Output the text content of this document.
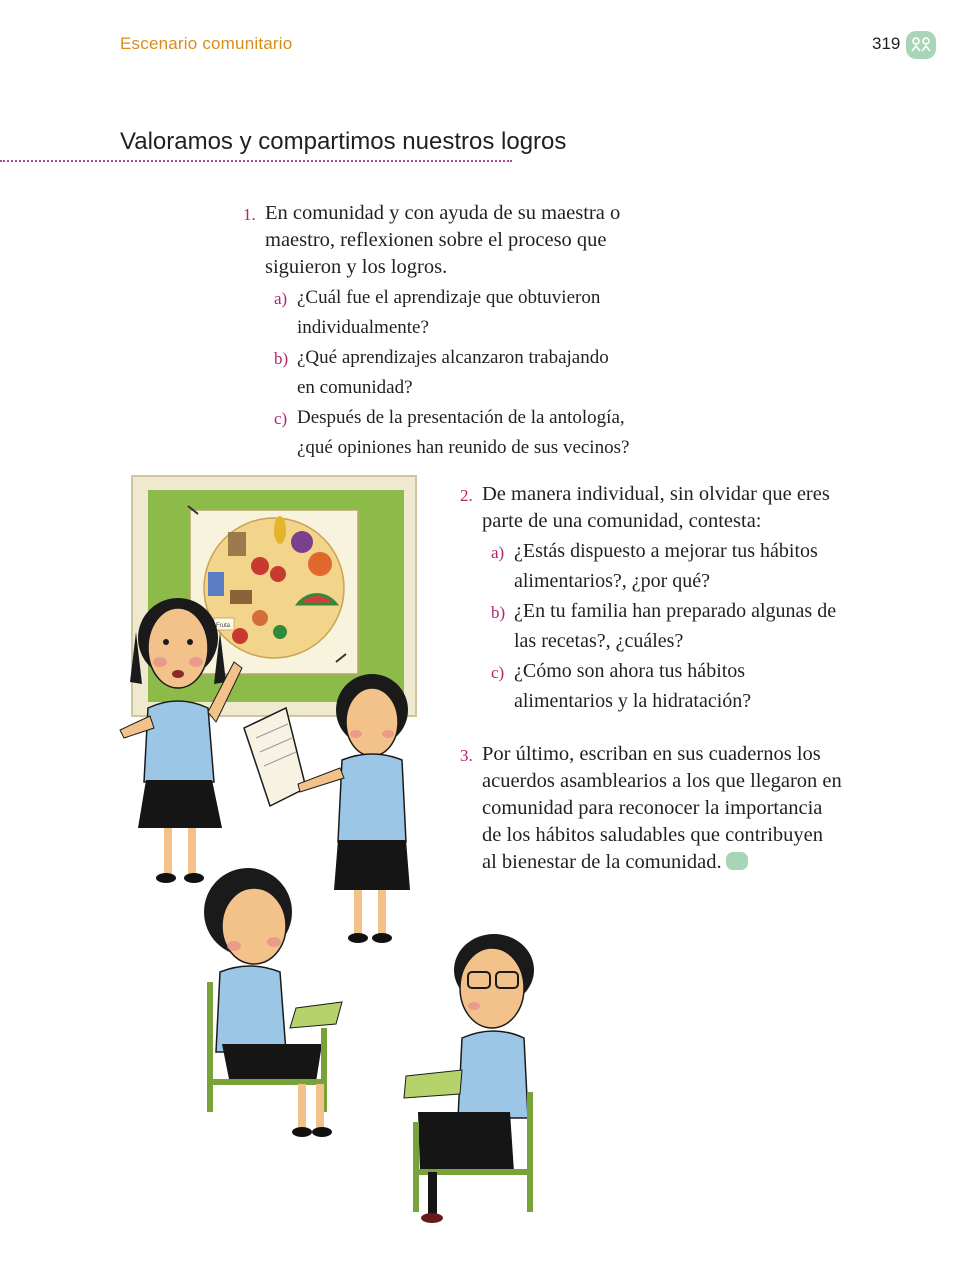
Escenario comunitario	319
Valoramos y compartimos nuestros logros
1. En comunidad y con ayuda de su maestra o
maestro, reflexionen sobre el proceso que
siguieron y los logros.
a) ¿Cuál fue el aprendizaje que obtuvieron
individualmente?
b) ¿Qué aprendizajes alcanzaron trabajando
en comunidad?
c) Después de la presentación de la antología,
¿qué opiniones han reunido de sus vecinos?
2. De manera individual, sin olvidar que eres
parte de una comunidad, contesta:
a) ¿Estás dispuesto a mejorar tus hábitos
alimentarios?, ¿por qué?
b) ¿En tu familia han preparado algunas de
las recetas?, ¿cuáles?
c) ¿Cómo son ahora tus hábitos
alimentarios y la hidratación?
3. Por último, escriban en sus cuadernos los
acuerdos asamblearios a los que llegaron en
comunidad para reconocer la importancia
de los hábitos saludables que contribuyen
al bienestar de la comunidad.
Fruta
